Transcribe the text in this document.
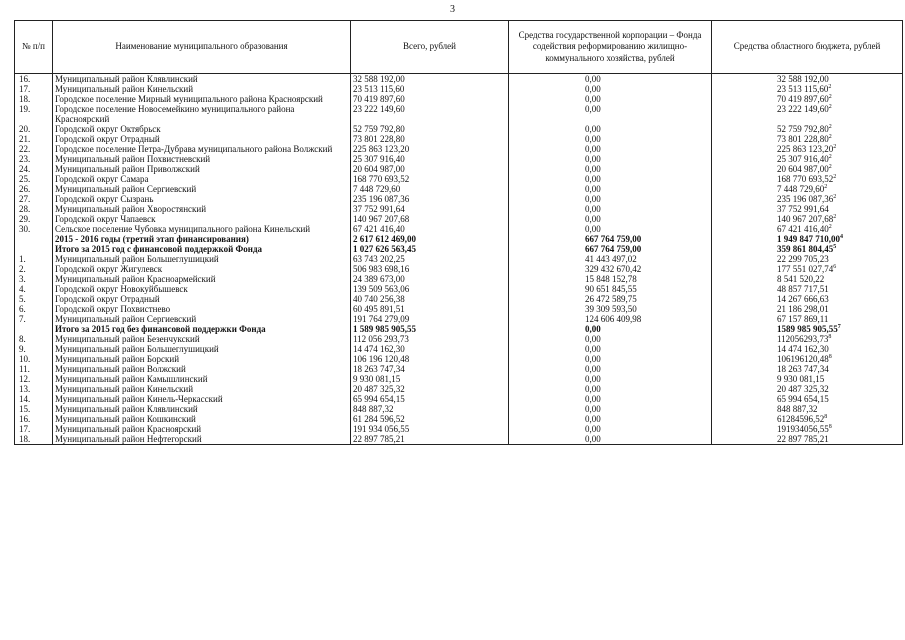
3
№ п/п	Наименование муниципального образования	Всего, рублей	Средства государственной корпорации – Фонда содействия реформированию жилищно-коммунального хозяйства, рублей	Средства областного бюджета, рублей
16.	Муниципальный район Клявлинский	32 588 192,00	0,00	32 588 192,00
17.	Муниципальный район Кинельский	23 513 115,60	0,00	23 513 115,60$^2$
18.	Городское поселение Мирный муниципального района Красноярский	70 419 897,60	0,00	70 419 897,60$^2$
19.	Городское поселение Новосемейкино муниципального района Красноярский	23 222 149,60	0,00	23 222 149,60$^2$
20.	Городской округ Октябрьск	52 759 792,80	0,00	52 759 792,80$^2$
21.	Городской округ Отрадный	73 801 228,80	0,00	73 801 228,80$^2$
22.	Городское поселение Петра-Дубрава муниципального района Волжский	225 863 123,20	0,00	225 863 123,20$^2$
23.	Муниципальный район Похвистневский	25 307 916,40	0,00	25 307 916,40$^2$
24.	Муниципальный район Приволжский	20 604 987,00	0,00	20 604 987,00$^2$
25.	Городской округ Самара	168 770 693,52	0,00	168 770 693,52$^2$
26.	Муниципальный район Сергиевский	7 448 729,60	0,00	7 448 729,60$^2$
27.	Городской округ Сызрань	235 196 087,36	0,00	235 196 087,36$^2$
28.	Муниципальный район Хворостянский	37 752 991,64	0,00	37 752 991,64
29.	Городской округ Чапаевск	140 967 207,68	0,00	140 967 207,68$^2$
30.	Сельское поселение Чубовка муниципального района Кинельский	67 421 416,40	0,00	67 421 416,40$^2$
	2015 - 2016 годы (третий этап финансирования)	2 617 612 469,00	667 764 759,00	1 949 847 710,00$^4$
	Итого за 2015 год с финансовой поддержкой Фонда	1 027 626 563,45	667 764 759,00	359 861 804,45$^5$
1.	Муниципальный район Большеглушицкий	63 743 202,25	41 443 497,02	22 299 705,23
2.	Городской округ Жигулевск	506 983 698,16	329 432 670,42	177 551 027,74$^6$
3.	Муниципальный район Красноармейский	24 389 673,00	15 848 152,78	8 541 520,22
4.	Городской округ Новокуйбышевск	139 509 563,06	90 651 845,55	48 857 717,51
5.	Городской округ Отрадный	40 740 256,38	26 472 589,75	14 267 666,63
6.	Городской округ Похвистнево	60 495 891,51	39 309 593,50	21 186 298,01
7.	Муниципальный район Сергиевский	191 764 279,09	124 606 409,98	67 157 869,11
	Итого за 2015 год без финансовой поддержки Фонда	1 589 985 905,55	0,00	1589 985 905,55$^7$
8.	Муниципальный район Безенчукский	112 056 293,73	0,00	112056293,73$^8$
9.	Муниципальный район Большеглушицкий	14 474 162,30	0,00	14 474 162,30
10.	Муниципальный район Борский	106 196 120,48	0,00	106196120,48$^8$
11.	Муниципальный район Волжский	18 263 747,34	0,00	18 263 747,34
12.	Муниципальный район Камышлинский	9 930 081,15	0,00	9 930 081,15
13.	Муниципальный район Кинельский	20 487 325,32	0,00	20 487 325,32
14.	Муниципальный район Кинель-Черкасский	65 994 654,15	0,00	65 994 654,15
15.	Муниципальный район Клявлинский	848 887,32	0,00	848 887,32
16.	Муниципальный район Кошкинский	61 284 596,52	0,00	61284596,52$^8$
17.	Муниципальный район Красноярский	191 934 056,55	0,00	191934056,55$^8$
18.	Муниципальный район Нефтегорский	22 897 785,21	0,00	22 897 785,21
